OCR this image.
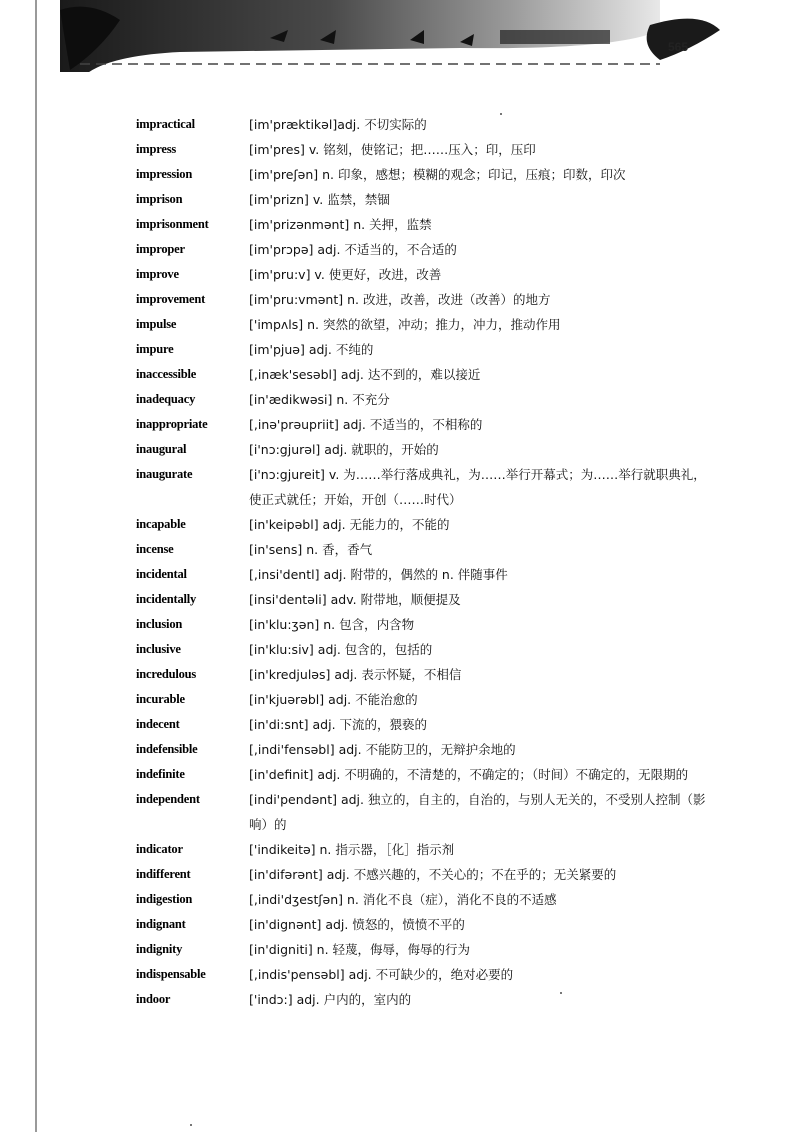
565
impractical	[im'præktikəl]adj. 不切实际的
impress	[im'pres] v. 铭刻，使铭记；把……压入；印，压印
impression	[im'preʃən] n. 印象，感想；模糊的观念；印记，压痕；印数，印次
imprison	[im'prizn] v. 监禁，禁锢
imprisonment	[im'prizənmənt] n. 关押，监禁
improper	[im'prɔpə] adj. 不适当的，不合适的
improve	[im'pru:v] v. 使更好，改进，改善
improvement	[im'pru:vmənt] n. 改进，改善，改进（改善）的地方
impulse	['impʌls] n. 突然的欲望，冲动；推力，冲力，推动作用
impure	[im'pjuə] adj. 不纯的
inaccessible	[,inæk'sesəbl] adj. 达不到的，难以接近
inadequacy	[in'ædikwəsi] n. 不充分
inappropriate	[,inə'prəupriit] adj. 不适当的，不相称的
inaugural	[i'nɔ:gjurəl] adj. 就职的，开始的
inaugurate	[i'nɔ:gjureit] v. 为……举行落成典礼，为……举行开幕式；为……举行就职典礼，使正式就任；开始，开创（……时代）
incapable	[in'keipəbl] adj. 无能力的，不能的
incense	[in'sens] n. 香，香气
incidental	[,insi'dentl] adj. 附带的，偶然的 n. 伴随事件
incidentally	[insi'dentəli] adv. 附带地，顺便提及
inclusion	[in'klu:ʒən] n. 包含，内含物
inclusive	[in'klu:siv] adj. 包含的，包括的
incredulous	[in'kredjuləs] adj. 表示怀疑，不相信
incurable	[in'kjuərəbl] adj. 不能治愈的
indecent	[in'di:snt] adj. 下流的，猥亵的
indefensible	[,indi'fensəbl] adj. 不能防卫的，无辩护余地的
indefinite	[in'definit] adj. 不明确的，不清楚的，不确定的；（时间）不确定的，无限期的
independent	[indi'pendənt] adj. 独立的，自主的，自治的，与别人无关的，不受别人控制（影响）的
indicator	['indikeitə] n. 指示器，［化］指示剂
indifferent	[in'difərənt] adj. 不感兴趣的，不关心的；不在乎的；无关紧要的
indigestion	[,indi'dʒestʃən] n. 消化不良（症），消化不良的不适感
indignant	[in'dignənt] adj. 愤怒的，愤愤不平的
indignity	[in'digniti] n. 轻蔑，侮辱，侮辱的行为
indispensable	[,indis'pensəbl] adj. 不可缺少的，绝对必要的
indoor	['indɔ:] adj. 户内的，室内的
